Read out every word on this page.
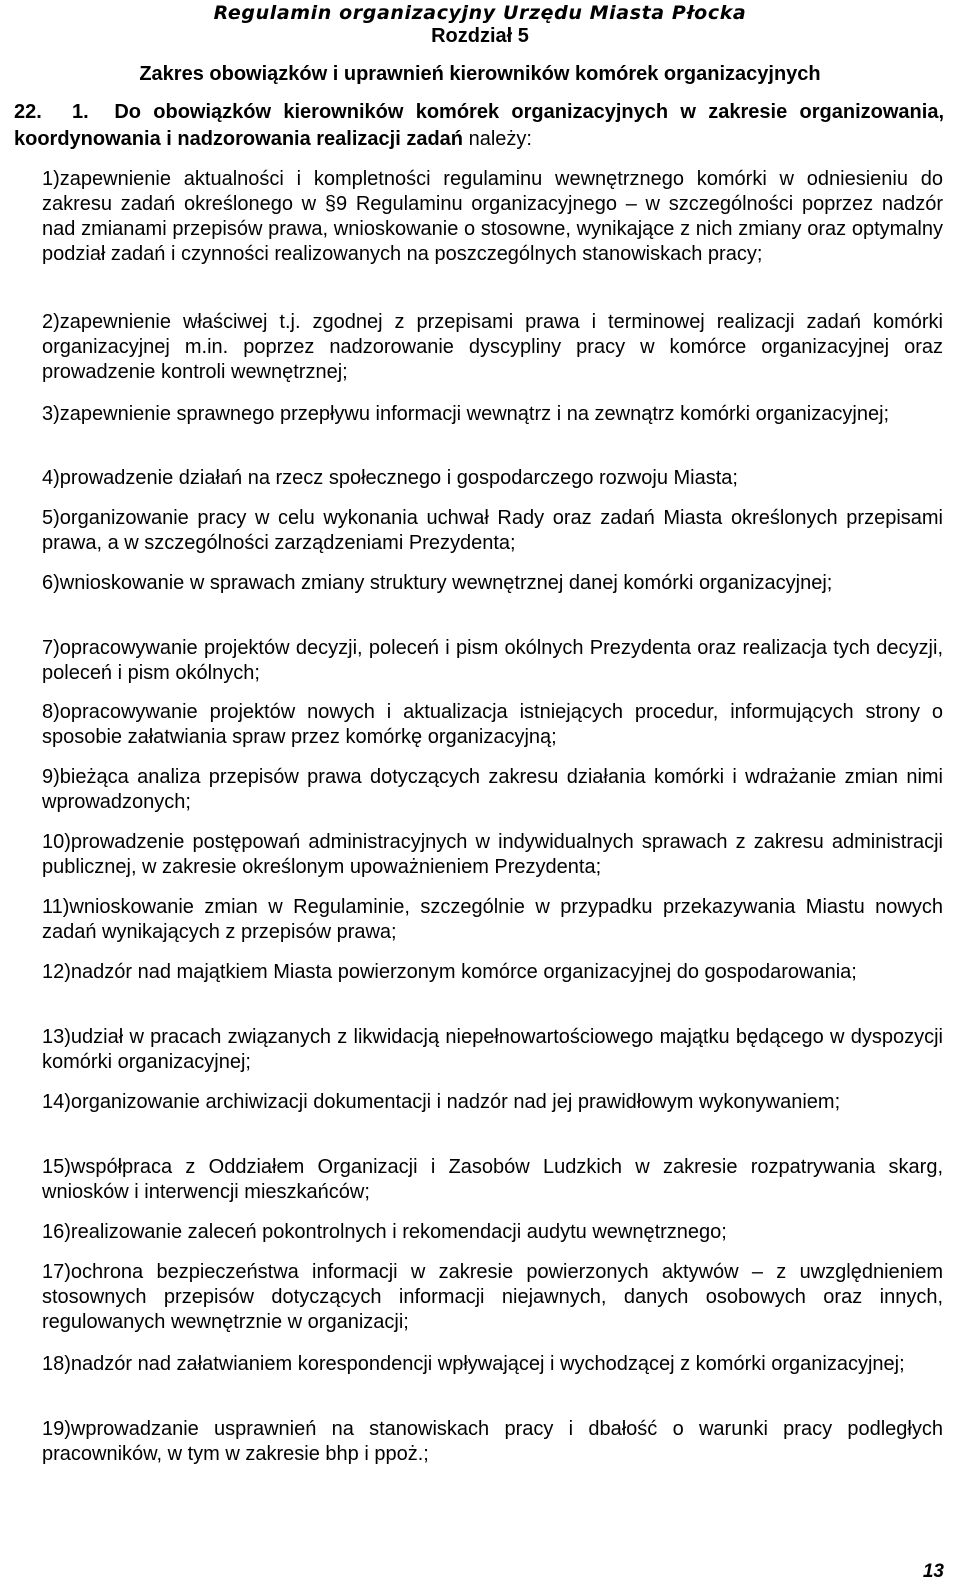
Regulamin organizacyjny Urzędu Miasta Płocka
Rozdział 5
Zakres obowiązków i uprawnień kierowników komórek organizacyjnych
22. 1. Do obowiązków kierowników komórek organizacyjnych w zakresie organizowania, koordynowania i nadzorowania realizacji zadań należy:
1)zapewnienie aktualności i kompletności regulaminu wewnętrznego komórki w odniesieniu do zakresu zadań określonego w §9 Regulaminu organizacyjnego – w szczególności poprzez nadzór nad zmianami przepisów prawa, wnioskowanie o stosowne, wynikające z nich zmiany oraz optymalny podział zadań i czynności realizowanych na poszczególnych stanowiskach pracy;
2)zapewnienie właściwej t.j. zgodnej z przepisami prawa i terminowej realizacji zadań komórki organizacyjnej m.in. poprzez nadzorowanie dyscypliny pracy w komórce organizacyjnej oraz prowadzenie kontroli wewnętrznej;
3)zapewnienie sprawnego przepływu informacji wewnątrz i na zewnątrz komórki organizacyjnej;
4)prowadzenie działań na rzecz społecznego i gospodarczego rozwoju Miasta;
5)organizowanie pracy w celu wykonania uchwał Rady oraz zadań Miasta określonych przepisami prawa, a w szczególności zarządzeniami Prezydenta;
6)wnioskowanie w sprawach zmiany struktury wewnętrznej danej komórki organizacyjnej;
7)opracowywanie projektów decyzji, poleceń i pism okólnych Prezydenta oraz realizacja tych decyzji, poleceń i pism okólnych;
8)opracowywanie projektów nowych i aktualizacja istniejących procedur, informujących strony o sposobie załatwiania spraw przez komórkę organizacyjną;
9)bieżąca analiza przepisów prawa dotyczących zakresu działania komórki i wdrażanie zmian nimi wprowadzonych;
10)prowadzenie postępowań administracyjnych w indywidualnych sprawach z zakresu administracji publicznej, w zakresie określonym upoważnieniem Prezydenta;
11)wnioskowanie zmian w Regulaminie, szczególnie w przypadku przekazywania Miastu nowych zadań wynikających z przepisów prawa;
12)nadzór nad majątkiem Miasta powierzonym komórce organizacyjnej do gospodarowania;
13)udział w pracach związanych z likwidacją niepełnowartościowego majątku będącego w dyspozycji komórki organizacyjnej;
14)organizowanie archiwizacji dokumentacji i nadzór nad jej prawidłowym wykonywaniem;
15)współpraca z Oddziałem Organizacji i Zasobów Ludzkich w zakresie rozpatrywania skarg, wniosków i interwencji mieszkańców;
16)realizowanie zaleceń pokontrolnych i rekomendacji audytu wewnętrznego;
17)ochrona bezpieczeństwa informacji w zakresie powierzonych aktywów – z uwzględnieniem stosownych przepisów dotyczących informacji niejawnych, danych osobowych oraz innych, regulowanych wewnętrznie w organizacji;
18)nadzór nad załatwianiem korespondencji wpływającej i wychodzącej z komórki organizacyjnej;
19)wprowadzanie usprawnień na stanowiskach pracy i dbałość o warunki pracy podległych pracowników, w tym w zakresie bhp i ppoż.;
13
